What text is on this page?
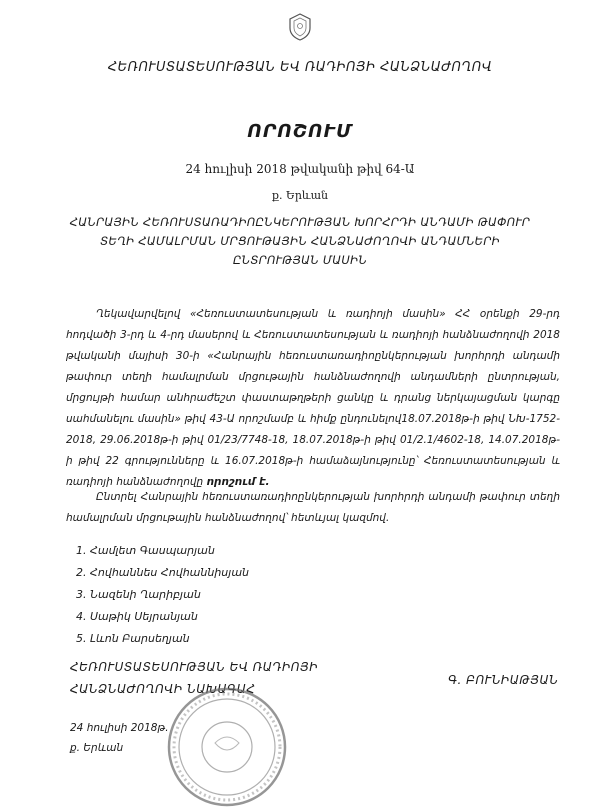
ՀԵՌՈՒՍՏԱՏԵՍՈՒԹՅԱՆ ԵՎ ՌԱԴԻՈՅԻ ՀԱՆՁՆԱԺՈՂՈՎ
ՈՐՈՇՈՒՄ
24 հուլիսի 2018 թվականի թիվ 64-Ա
ք. Երևան
ՀԱՆՐԱՅԻՆ ՀԵՌՈՒՍՏԱՌԱԴԻՈԸՆԿԵՐՈՒԹՅԱՆ ԽՈՐՀՐԴԻ ԱՆԴԱՄԻ ԹԱՓՈՒՐ ՏԵՂԻ ՀԱՄԱԼՐՄԱՆ ՄՐՑՈՒԹԱՅԻՆ ՀԱՆՁՆԱԺՈՂՈՎԻ ԱՆԴԱՄՆԵՐԻ ԸՆՏՐՈՒԹՅԱՆ ՄԱՍԻՆ
Ղեկավարվելով «Հեռուստատեսության և ռադիոյի մասին» ՀՀ օրենքի 29-րդ հոդվածի 3-րդ և 4-րդ մասերով և Հեռուստատեսության և ռադիոյի հանձնաժողովի 2018 թվականի մայիսի 30-ի «Հանրային հեռուստառադիոընկերության խորհրդի անդամի թափուր տեղի համալրման մրցութային հանձնաժողովի անդամների ընտրության, մրցույթի համար անհրաժեշտ փաստաթղթերի ցանկը և դրանց ներկայացման կարգը սահմանելու մասին» թիվ 43-Ա որոշմամբ և հիմք ընդունելով18.07.2018թ-ի թիվ ՆԽ-1752-2018, 29.06.2018թ-ի թիվ 01/23/7748-18, 18.07.2018թ-ի թիվ 01/2.1/4602-18, 14.07.2018թ-ի թիվ 22 գրությունները և 16.07.2018թ-ի համաձայնությունը՝ Հեռուստատեսության և ռադիոյի հանձնաժողովը որոշում է.
Ընտրել Հանրային հեռուստառադիոընկերության խորհրդի անդամի թափուր տեղի համալրման մրցութային հանձնաժողով՝ հետևյալ կազմով.
1. Համլետ Գասպարյան
2. Հովհաննես Հովհաննիսյան
3. Նազենի Ղարիբյան
4. Սաթիկ Սեյրանյան
5. Լևոն Բարսեղյան
ՀԵՌՈՒՍՏԱՏԵՍՈՒԹՅԱՆ ԵՎ ՌԱԴԻՈՅԻ
ՀԱՆՁՆԱԺՈՂՈՎԻ ՆԱԽԱԳԱՀ
Գ. ԲՈՒՆԻԱԹՅԱՆ
24 հուլիսի 2018թ.
ք. Երևան
